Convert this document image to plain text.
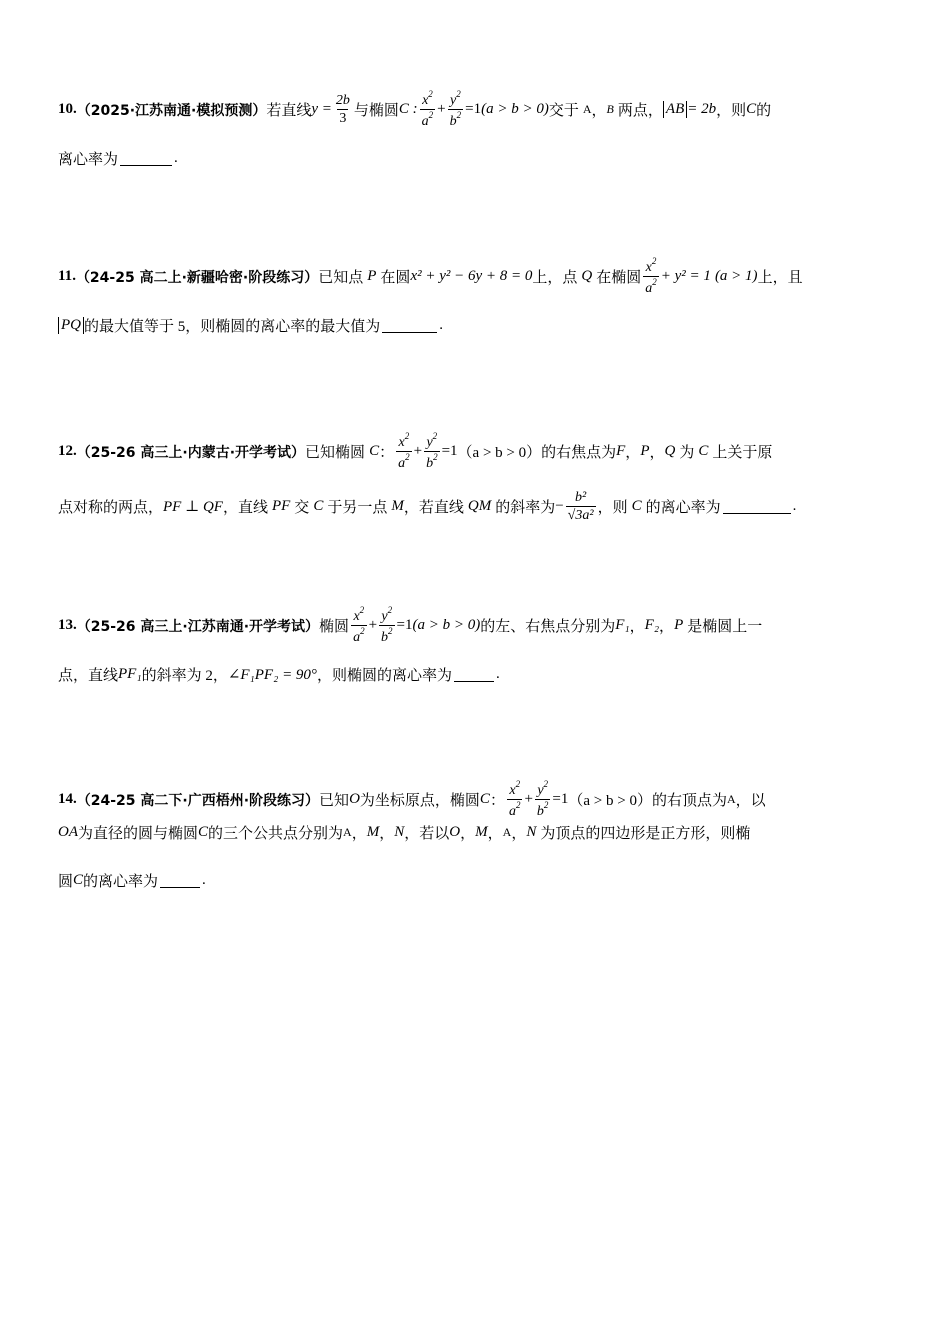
10 . （2025·江苏南通·模拟预测） 若直线 $y = \frac{2b}{3}$ 与椭圆 C : $\frac{x^2}{a^2} + \frac{y^2}{b^2} =1$ (a > b > 0) 交于 A ， B 两点， AB = 2b ，则 C 的
离心率为	.
11 . （24-25 高二上·新疆哈密·阶段练习） 已知点 P 在圆 x² + y² − 6y + 8 = 0 上，点 Q 在椭圆 $\frac{x^2}{a^2} + y^2 = 1$ (a > 1) 上，且
PQ 的最大值等于 5，则椭圆的离心率的最大值为	.
12 . （25-26 高三上·内蒙古·开学考试） 已知椭圆 C ： $\frac{x^2}{a^2} + \frac{y^2}{b^2} =1$ （a > b > 0） 的右焦点为 F ， P ， Q 为 C 上关于原
点对称的两点， PF ⊥ QF ，直线 PF 交 C 于另一点 M ，若直线 QM 的斜率为 − $\frac{\text{b²}}{\text{√3a²}}$ ，则 C 的离心率为	.
13 . （25-26 高三上·江苏南通·开学考试） 椭圆 $\frac{x^2}{a^2} + \frac{y^2}{b^2} =1$ (a > b > 0) 的左、右焦点分别为 F₁ ， F₂ ， P 是椭圆上一
点，直线 PF₁ 的斜率为 2， ∠F₁PF₂ = 90° ，则椭圆的离心率为	.
14 . （24-25 高二下·广西梧州·阶段练习） 已知 O 为坐标原点，椭圆 C ： $\frac{x^2}{a^2} + \frac{y^2}{b^2} =1$ （a > b > 0） 的右顶点为 A ，以
OA 为直径的圆与椭圆 C 的三个公共点分别为 A ， M ， N ，若以 O ， M ， A ， N 为顶点的四边形是正方形，则椭
圆 C 的离心率为	.
